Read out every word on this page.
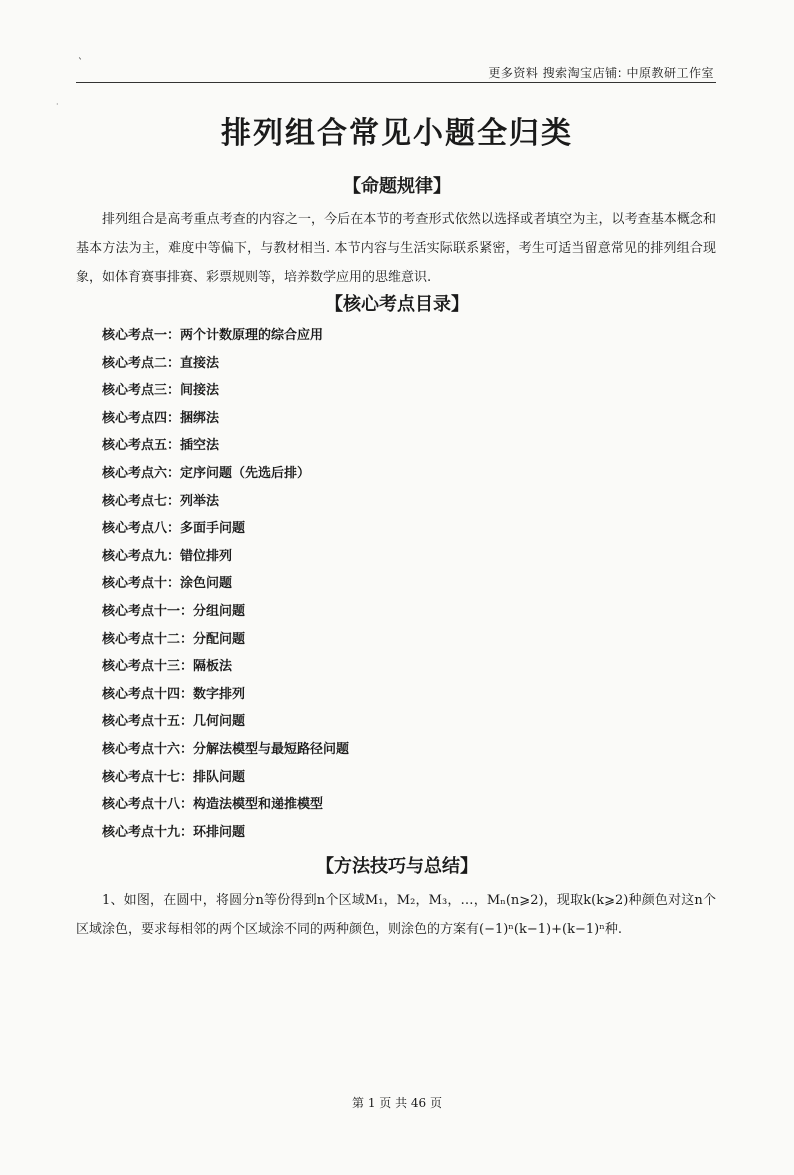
`
更多资料 搜索淘宝店铺: 中原教研工作室
·
排列组合常见小题全归类
【命题规律】
排列组合是高考重点考查的内容之一，今后在本节的考查形式依然以选择或者填空为主，以考查基本概念和基本方法为主，难度中等偏下，与教材相当. 本节内容与生活实际联系紧密，考生可适当留意常见的排列组合现象，如体育赛事排赛、彩票规则等，培养数学应用的思维意识.
【核心考点目录】
核心考点一：两个计数原理的综合应用
核心考点二：直接法
核心考点三：间接法
核心考点四：捆绑法
核心考点五：插空法
核心考点六：定序问题（先选后排）
核心考点七：列举法
核心考点八：多面手问题
核心考点九：错位排列
核心考点十：涂色问题
核心考点十一：分组问题
核心考点十二：分配问题
核心考点十三：隔板法
核心考点十四：数字排列
核心考点十五：几何问题
核心考点十六：分解法模型与最短路径问题
核心考点十七：排队问题
核心考点十八：构造法模型和递推模型
核心考点十九：环排问题
【方法技巧与总结】
1、如图，在圆中，将圆分n等份得到n个区域M₁，M₂，M₃，…，Mₙ(n⩾2)，现取k(k⩾2)种颜色对这n个区域涂色，要求每相邻的两个区域涂不同的两种颜色，则涂色的方案有(−1)ⁿ(k−1)+(k−1)ⁿ种.
第 1 页 共 46 页
